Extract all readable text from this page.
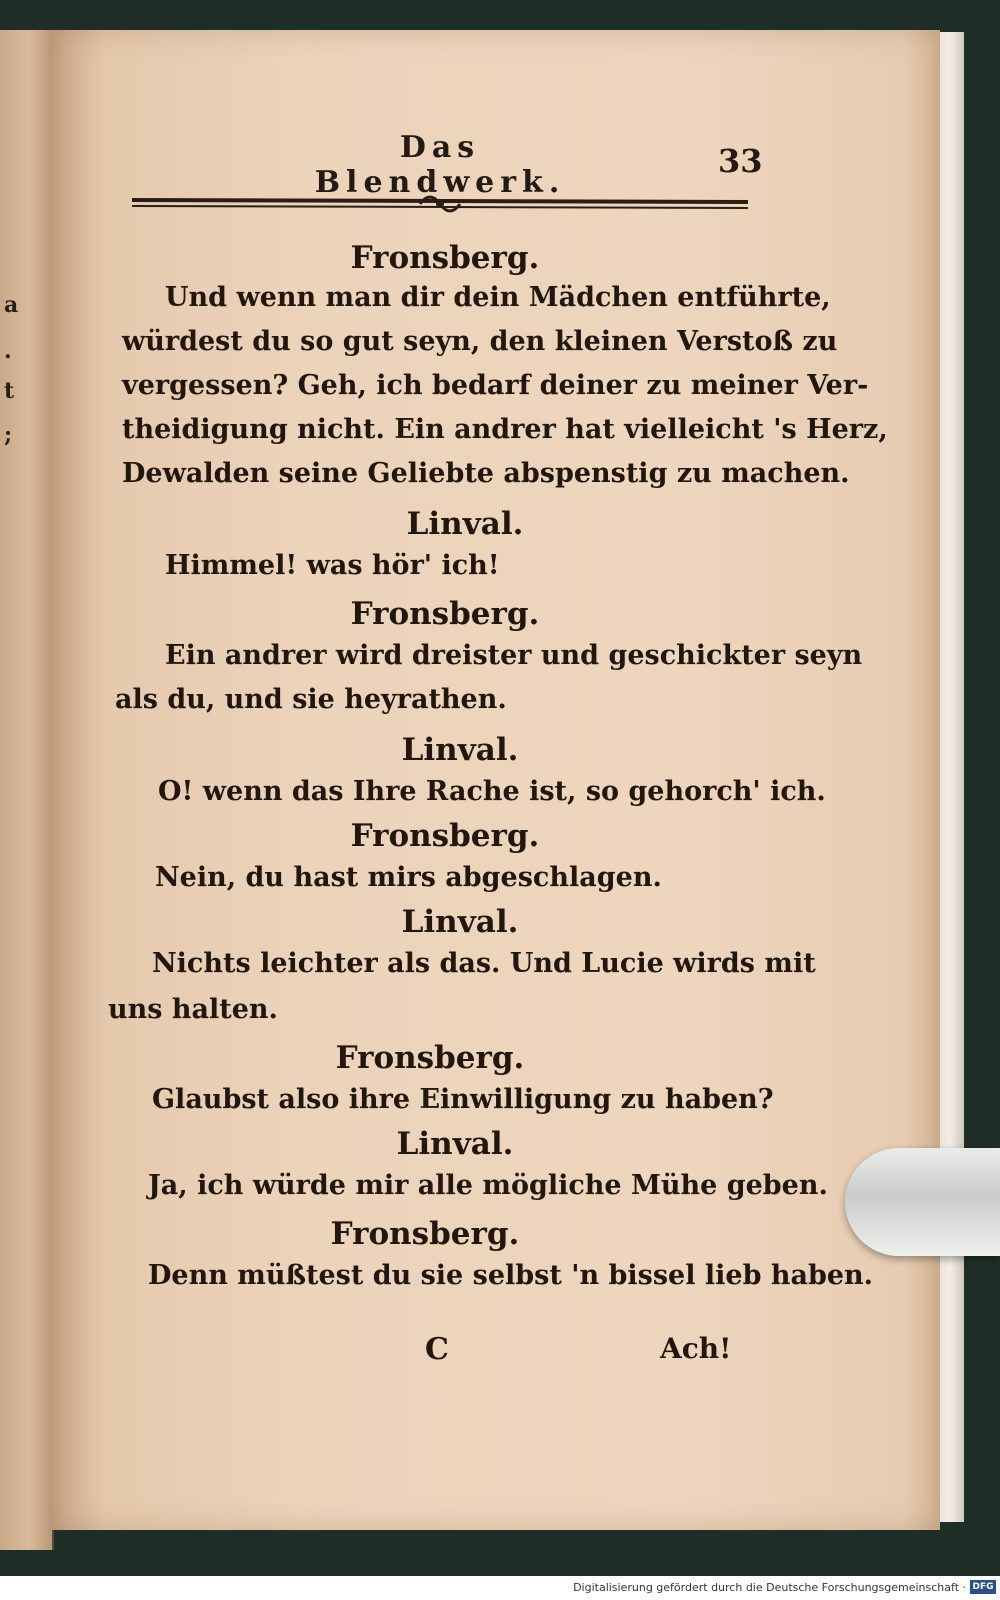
a
.
t
;
Das Blendwerk.
33
Fronsberg.
Und wenn man dir dein Mädchen entführte,
würdest du so gut seyn, den kleinen Verstoß zu
vergessen? Geh, ich bedarf deiner zu meiner Ver-
theidigung nicht. Ein andrer hat vielleicht 's Herz,
Dewalden seine Geliebte abspenstig zu machen.
Linval.
Himmel! was hör' ich!
Fronsberg.
Ein andrer wird dreister und geschickter seyn
als du, und sie heyrathen.
Linval.
O! wenn das Ihre Rache ist, so gehorch' ich.
Fronsberg.
Nein, du hast mirs abgeschlagen.
Linval.
Nichts leichter als das. Und Lucie wirds mit
uns halten.
Fronsberg.
Glaubst also ihre Einwilligung zu haben?
Linval.
Ja, ich würde mir alle mögliche Mühe geben.
Fronsberg.
Denn müßtest du sie selbst 'n bissel lieb haben.
C	Ach!
Digitalisierung gefördert durch die Deutsche Forschungsgemeinschaft · DFG
